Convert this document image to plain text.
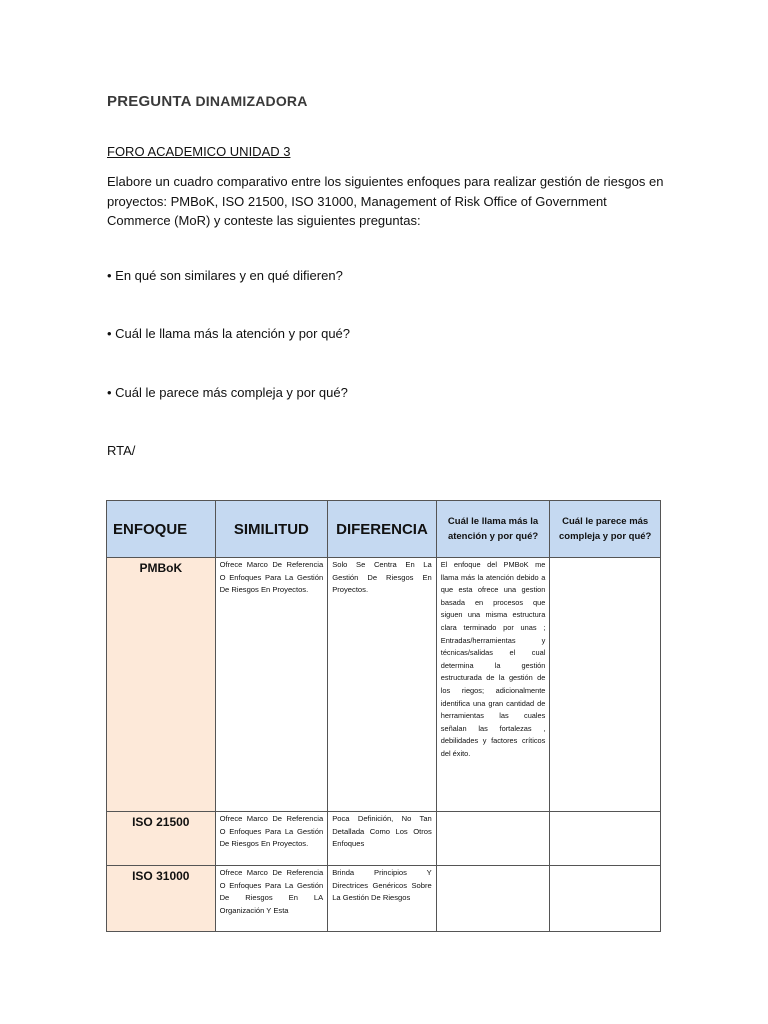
PREGUNTA DINAMIZADORA
FORO ACADEMICO UNIDAD 3
Elabore un cuadro comparativo entre los siguientes enfoques para realizar gestión de riesgos en proyectos: PMBoK, ISO 21500, ISO 31000, Management of Risk Office of Government Commerce (MoR) y conteste las siguientes preguntas:
• En qué son similares y en qué difieren?
• Cuál le llama más la atención y por qué?
• Cuál le parece más compleja y por qué?
RTA/
ENFOQUE	SIMILITUD	DIFERENCIA	Cuál le llama más la atención y por qué?	Cuál le parece más compleja y por qué?
PMBoK	Ofrece Marco De Referencia O Enfoques Para La Gestión De Riesgos En Proyectos.	Solo Se Centra En La Gestión De Riesgos En Proyectos.	El enfoque del PMBoK me llama más la atención debido a que esta ofrece una gestion basada en procesos que siguen una misma estructura clara terminado por unas ; Entradas/herramientas y técnicas/salidas el cual determina la gestión estructurada de la gestión de los riegos; adicionalmente identifica una gran cantidad de herramientas las cuales señalan las fortalezas , debilidades y factores críticos del éxito.	
ISO 21500	Ofrece Marco De Referencia O Enfoques Para La Gestión De Riesgos En Proyectos.	Poca Definición, No Tan Detallada Como Los Otros Enfoques		
ISO 31000	Ofrece Marco De Referencia O Enfoques Para La Gestión De Riesgos En LA Organización Y Esta	Brinda Principios Y Directrices Genéricos Sobre La Gestión De Riesgos		
